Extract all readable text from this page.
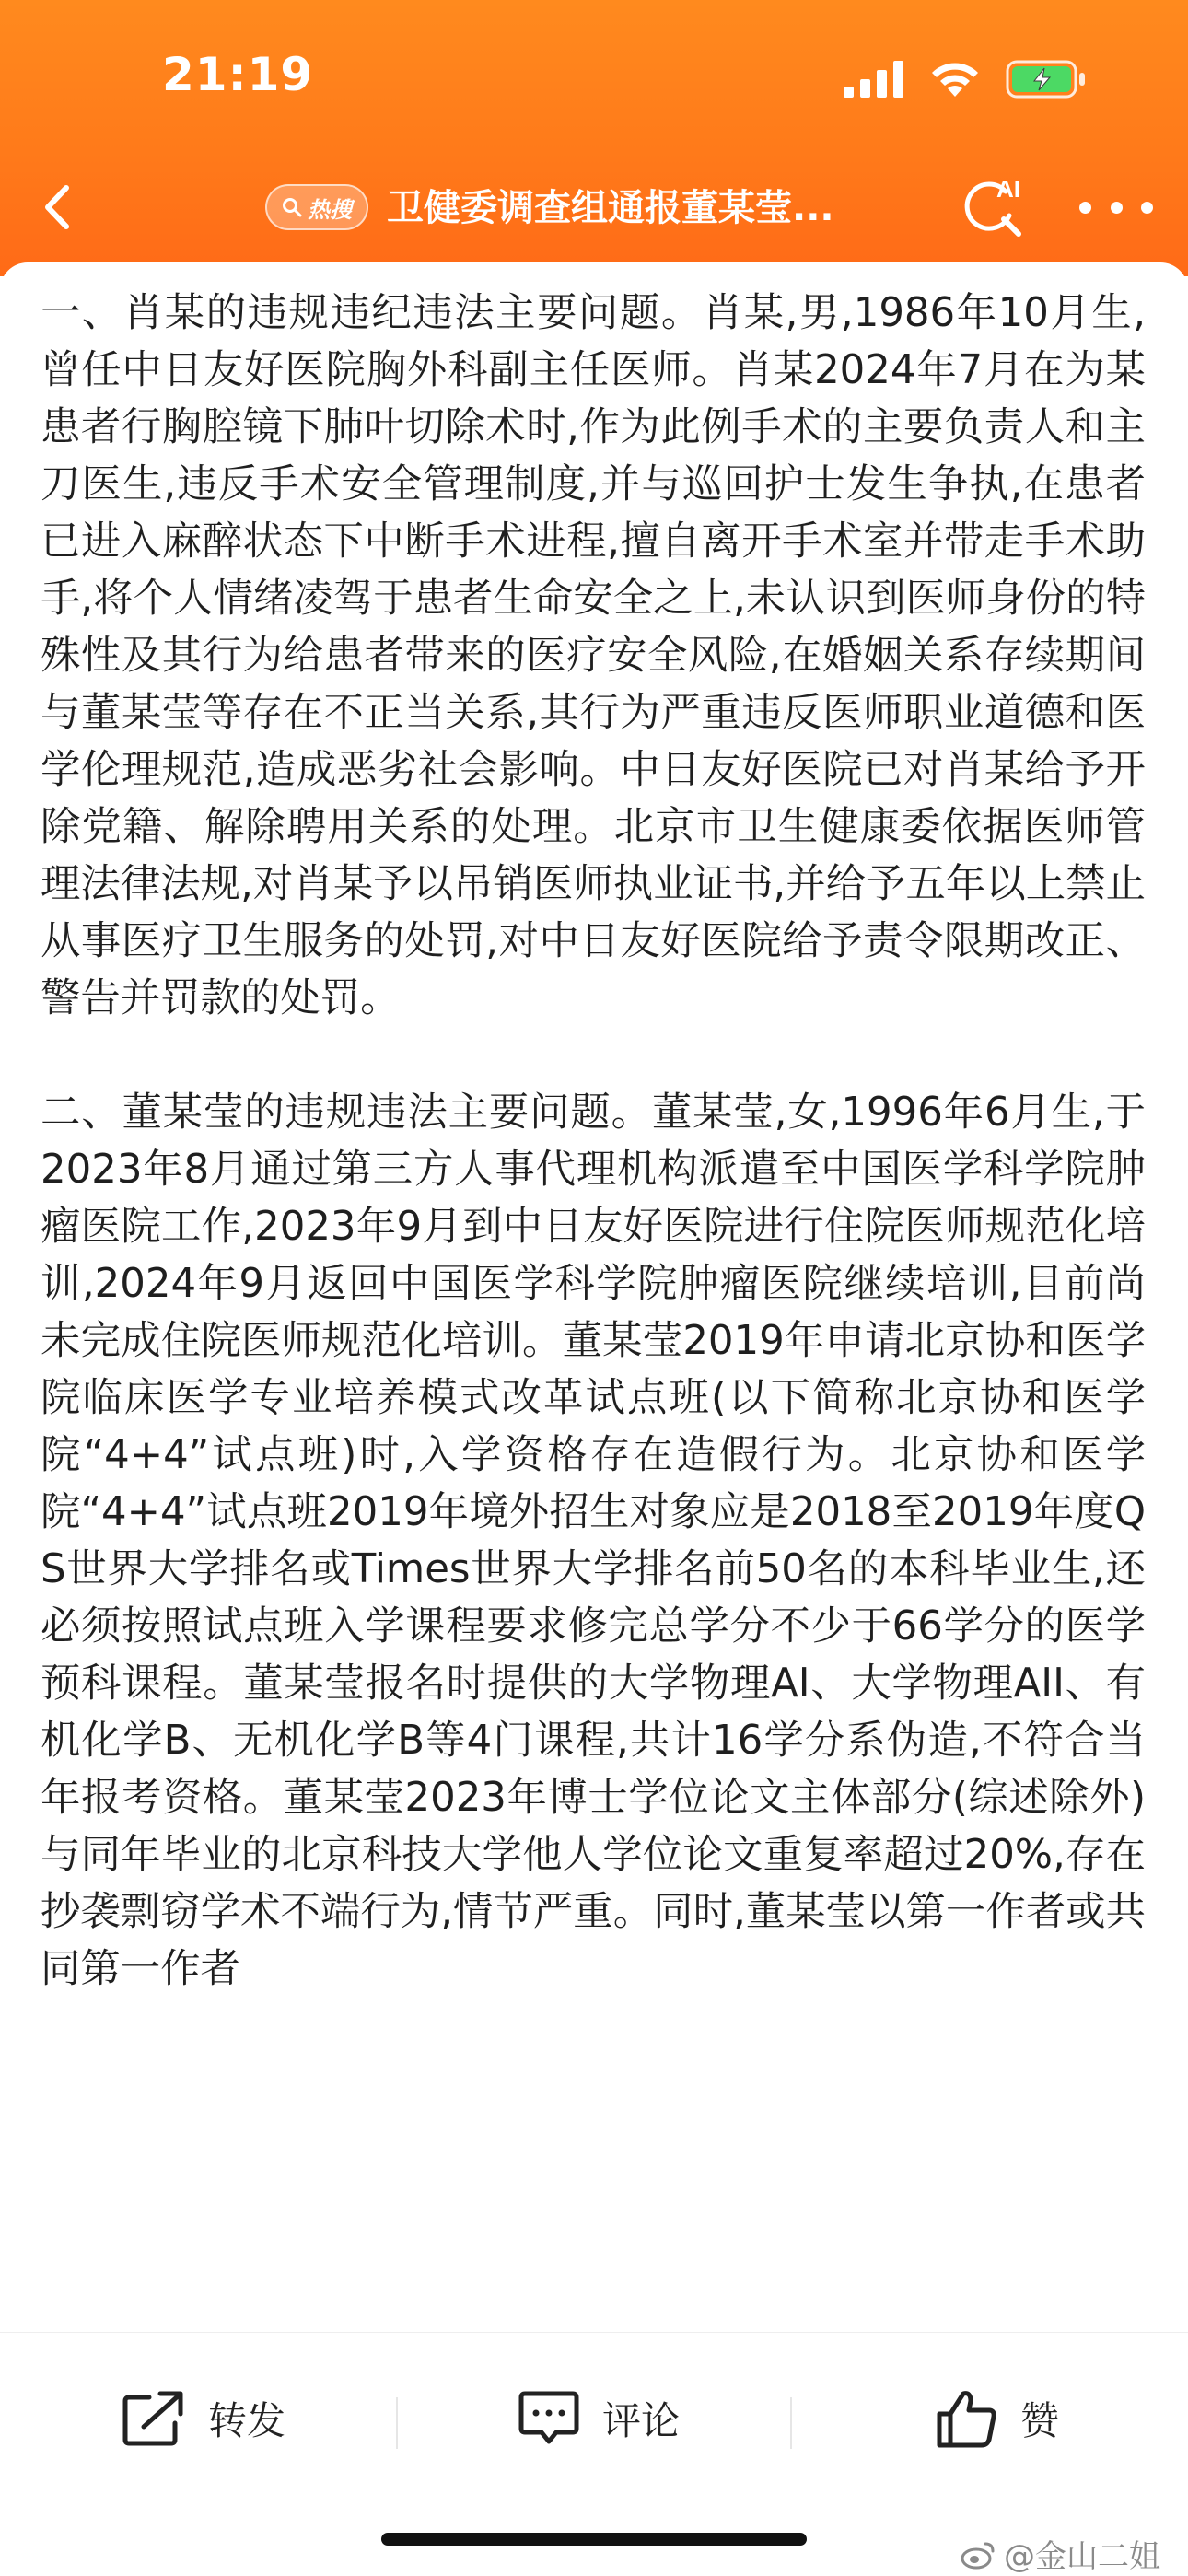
21:19
热搜 卫健委调查组通报董某莹...	AI

一、肖某的违规违纪违法主要问题。肖某,男,1986年10月生,曾任中日友好医院胸外科副主任医师。肖某2024年7月在为某患者行胸腔镜下肺叶切除术时,作为此例手术的主要负责人和主刀医生,违反手术安全管理制度,并与巡回护士发生争执,在患者已进入麻醉状态下中断手术进程,擅自离开手术室并带走手术助手,将个人情绪凌驾于患者生命安全之上,未认识到医师身份的特殊性及其行为给患者带来的医疗安全风险,在婚姻关系存续期间与董某莹等存在不正当关系,其行为严重违反医师职业道德和医学伦理规范,造成恶劣社会影响。中日友好医院已对肖某给予开除党籍、解除聘用关系的处理。北京市卫生健康委依据医师管理法律法规,对肖某予以吊销医师执业证书,并给予五年以上禁止从事医疗卫生服务的处罚,对中日友好医院给予责令限期改正、警告并罚款的处罚。

二、董某莹的违规违法主要问题。董某莹,女,1996年6月生,于2023年8月通过第三方人事代理机构派遣至中国医学科学院肿瘤医院工作,2023年9月到中日友好医院进行住院医师规范化培训,2024年9月返回中国医学科学院肿瘤医院继续培训,目前尚未完成住院医师规范化培训。董某莹2019年申请北京协和医学院临床医学专业培养模式改革试点班(以下简称北京协和医学院“4+4”试点班)时,入学资格存在造假行为。北京协和医学院“4+4”试点班2019年境外招生对象应是2018至2019年度QS世界大学排名或Times世界大学排名前50名的本科毕业生,还必须按照试点班入学课程要求修完总学分不少于66学分的医学预科课程。董某莹报名时提供的大学物理AI、大学物理AII、有机化学B、无机化学B等4门课程,共计16学分系伪造,不符合当年报考资格。董某莹2023年博士学位论文主体部分(综述除外)与同年毕业的北京科技大学他人学位论文重复率超过20%,存在抄袭剽窃学术不端行为,情节严重。同时,董某莹以第一作者或共同第一作者

转发	评论	赞
@金山二姐
